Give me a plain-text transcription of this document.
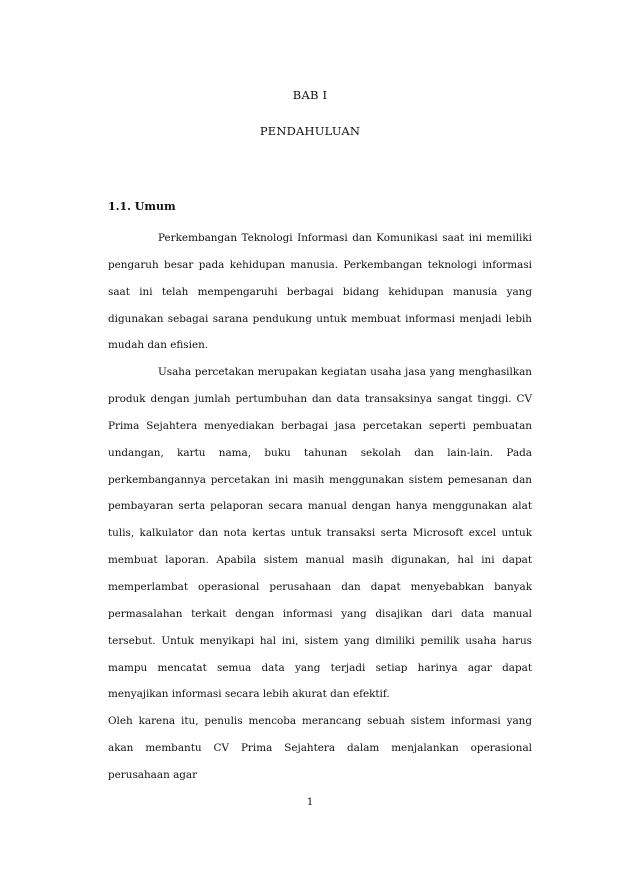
BAB I
PENDAHULUAN
1.1. Umum

Perkembangan Teknologi Informasi dan Komunikasi saat ini memiliki pengaruh besar pada kehidupan manusia. Perkembangan teknologi informasi saat ini telah mempengaruhi berbagai bidang kehidupan manusia yang digunakan sebagai sarana pendukung untuk membuat informasi menjadi lebih mudah dan efisien.

Usaha percetakan merupakan kegiatan usaha jasa yang menghasilkan produk dengan jumlah pertumbuhan dan data transaksinya sangat tinggi. CV Prima Sejahtera menyediakan berbagai jasa percetakan seperti pembuatan undangan, kartu nama, buku tahunan sekolah dan lain-lain. Pada perkembangannya percetakan ini masih menggunakan sistem pemesanan dan pembayaran serta pelaporan secara manual dengan hanya menggunakan alat tulis, kalkulator dan nota kertas untuk transaksi serta Microsoft excel untuk membuat laporan. Apabila sistem manual masih digunakan, hal ini dapat memperlambat operasional perusahaan dan dapat menyebabkan banyak permasalahan terkait dengan informasi yang disajikan dari data manual tersebut. Untuk menyikapi hal ini, sistem yang dimiliki pemilik usaha harus mampu mencatat semua data yang terjadi setiap harinya agar dapat menyajikan informasi secara lebih akurat dan efektif.

Oleh karena itu, penulis mencoba merancang sebuah sistem informasi yang akan membantu CV Prima Sejahtera dalam menjalankan operasional perusahaan agar

1
